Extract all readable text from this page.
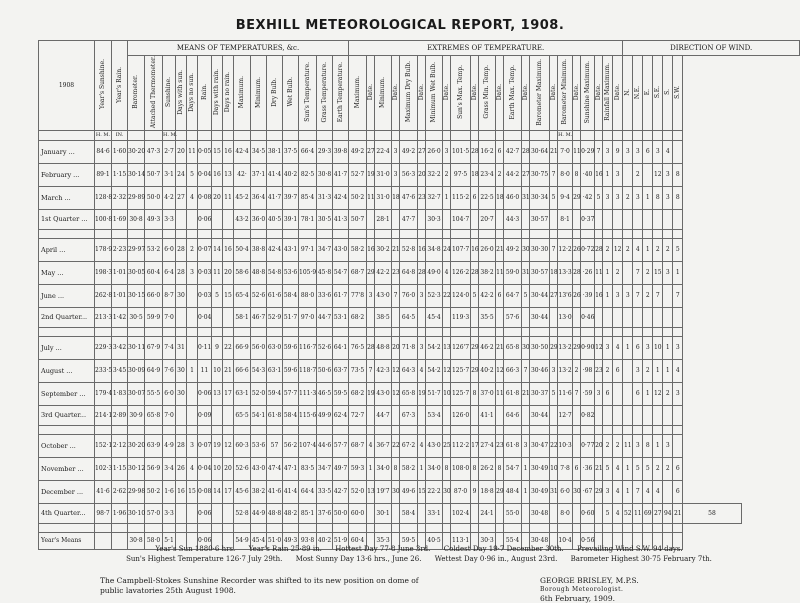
BEXHILL METEOROLOGICAL REPORT, 1908.
1908	Year's Sunshine.	Year's Rain.	MEANS OF TEMPERATURES, &c.															EXTREMES OF TEMPERATURE.																						DIRECTION OF WIND.						
			Barometer.	Attached Thermometer.	Sunshine.	Days with sun.	Days no sun.	Rain.	Days with rain.	Days no rain.	Maximum.	Minimum.	Dry Bulb.	Wet Bulb.	Sun's Temperature.	Grass Temperature.	Earth Temperature.	Maximum.	Date.	Minimum.	Date.	Maximum Dry Bulb.	Date.	Minimum Wet Bulb.	Date.	Sun's Max. Temp.	Date.	Grass Min. Temp.	Date.	Earth Max. Temp.	Date.	Barometer Maximum.	Date.	Barometer Minimum.	Date.	Sunshine Maximum.	Date.	Rainfall Maximum.	Date.	N.	N.E.	E.	S.E.	S.	S.W.	
	H. M.	IN.			H. M.																													H. M.												
January ...	84·6	1·60	30·20	47·3	2·7	20	11	0·05	15	16	42·4	34·5	38·1	37·5	66·4	29·3	39·8	49·2	27	22·4	3	49·2	27	26·0	3	101·5	28	16·2	6	42·7	28	30·64	21	7·0	11	0·29	7	3	9	3	3	6	3	4		
February ...	89·1	1·15	30·14	50·7	3·1	24	5	0·04	16	13	42·	37·1	41·4	40·2	82·5	30·8	41·7	52·7	19	31·0	3	56·3	20	32·2	2	97·5	18	23·4	2	44·2	27	30·75	7	8·0	8	·40	16	1	3		2		12	3	8	
March ...	128·8	2·32	29·89	50·0	4·2	27	4	0·08	20	11	45·2	36·4	41·7	39·7	85·4	31·3	42·4	50·2	11	31·0	18	47·6	23	32·7	1	115·2	6	22·5	18	46·0	31	30·34	5	9·4	29	·42	5	3	3	2	3	1	8	3	8	
1st Quarter ...	100·8	1·69	30·8	49·3	3·3			0·06			43·2	36·0	40·5	39·1	78·1	30·5	41·3	50·7		28·1		47·7		30·3		104·7		20·7		44·3		30·57		8·1		0·37										

April ...	178·9	2·23	29·97	53·2	6·0	28	2	0·07	14	16	50·4	38·8	42·4	43·1	97·1	34·7	43·0	58·2	16	30·2	21	52·8	16	34·8	24	107·7	16	26·0	21	49·2	30	30·30	7	12·2	26	0·72	28	2	12	2	4	1	2	2	5	
May ...	198·3	1·01	30·05	60·4	6·4	28	3	0·03	11	20	58·6	48·8	54·8	53·6	105·9	45·8	54·7	68·7	29	42·2	23	64·8	28	49·0	4	126·2	28	38·2	11	59·0	31	30·57	18	13·3	28	·26	11	1	2		7	2	15	3	1	
June ...	262·8	1·01	30·15	66·0	8·7	30		0·03	5	15	65·4	52·6	61·6	58·4	88·0	33·6	61·7	77'8	3	43·0	7	76·0	3	52·3	22	124·0	5	42·2	6	64·7	5	30·44	27	13'6	26	·39	16	1	3	3	7	2	7		7	
2nd Quarter...	213·3	1·42	30·5	59·9	7·0			0·04			58·1	46·7	52·9	51·7	97·0	44·7	53·1	68·2		38·5		64·5		45·4		119·3		35·5		57·6		30·44		13·0		0·46										

July ...	229·3	3·42	30·11	67·9	7·4	31		0·11	9	22	66·9	56·0	63·0	59·6	116·7	52·6	64·1	76·5	28	48·8	20	71·8	3	54·2	13	126'7	29	46·2	21	65·8	30	30·50	29	13·2	29	0·90	12	3	4	1	6	3	10	1	3	
August ...	233·5	3·45	30·09	64·9	7·6	30	1	11	10	21	66·6	54·3	63·1	59·6	118·7	50·6	63·7	73·5	7	42·3	12	64·3	4	54·2	12	125·7	29	40·2	12	66·3	7	30·46	3	13·2	2	·98	23	2	6		3	2	1	1	4	
September ...	179·4	1·83	30·07	55·5	6·0	30		0·06	13	17	63·1	52·0	59·4	57·7	111·3	46·5	59·5	68·2	19	43·0	12	65·8	19	51·7	10	125·7	8	37·0	11	61·8	21	30·37	5	11·6	7	·59	3	6			6	1	12	2	3	
3rd Quarter...	214·1	2·89	30·9	65·8	7·0			0·09			65·5	54·1	61·8	58·4	115·6	49·9	62·4	72·7		44·7		67·3		53·4		126·0		41·1		64·6		30·44		12·7		0·82										

October ...	152·1	2·12	30·20	63·9	4·9	28	3	0·07	19	12	60·3	53·6	57	56·2	107·4	44·6	57·7	68·7	4	36·7	22	67·2	4	43·0	25	112·2	17	27·4	23	61·8	3	30·47	22	10·3		0·77	20	2	2	11	3	8	1	3		
November ...	102·3	1·15	30·12	56·9	3·4	26	4	0·04	10	20	52·6	43·0	47·4	47·1	83·5	34·7	49·7	59·3	1	34·0	8	58·2	1	34·0	8	108·0	8	26·2	8	54·7	1	30·49	10	7·8	6	·36	21	5	4	1	5	5	2	2	6	
December ...	41·6	2·62	29·98	50·2	1·6	16	15	0·08	14	17	45·6	38·2	41·6	41·4	64·4	33·5	42·7	52·0	13	19'7	30	49·6	15	22·2	30	87·0	9	18·8	29	48·4	1	30·49	31	6·0	30	·67	29	3	4	1	7	4	4		6	
4th Quarter...	98·7	1·96	30·10	57·0	3·3			0·06			52·8	44·9	48·8	48·2	85·1	37·6	50·0	60·0		30·1		58·4		33·1		102·4		24·1		55·0		30·48		8·0		0·60		5	4	52	11	69	27	94	21	58

Year's Means			30·8	58·0	5·1			0·06			54·9	45·4	51·0	49·3	93·8	40·2	51·9	60·4		35·3		59·5		40·5		113·1		30·3		55·4		30·48		10·4		0·56										
Year's Sun 1880·6 hrs. Year's Rain 25·89 in. Hottest Day 77·8 June 3rd. Coldest Day 19·7 December 30th. Prevailing Wind S.W. 94 days.
Sun's Highest Temperature 126·7 July 29th. Most Sunny Day 13·6 hrs., June 26. Wettest Day 0·96 in., August 23rd. Barometer Highest 30·75 February 7th.
The Campbell-Stokes Sunshine Recorder was shifted to its new position on dome of public lavatories 25th August 1908.
GEORGE BRISLEY, M.P.S.
Borough Meteorologist.
6th February, 1909.
